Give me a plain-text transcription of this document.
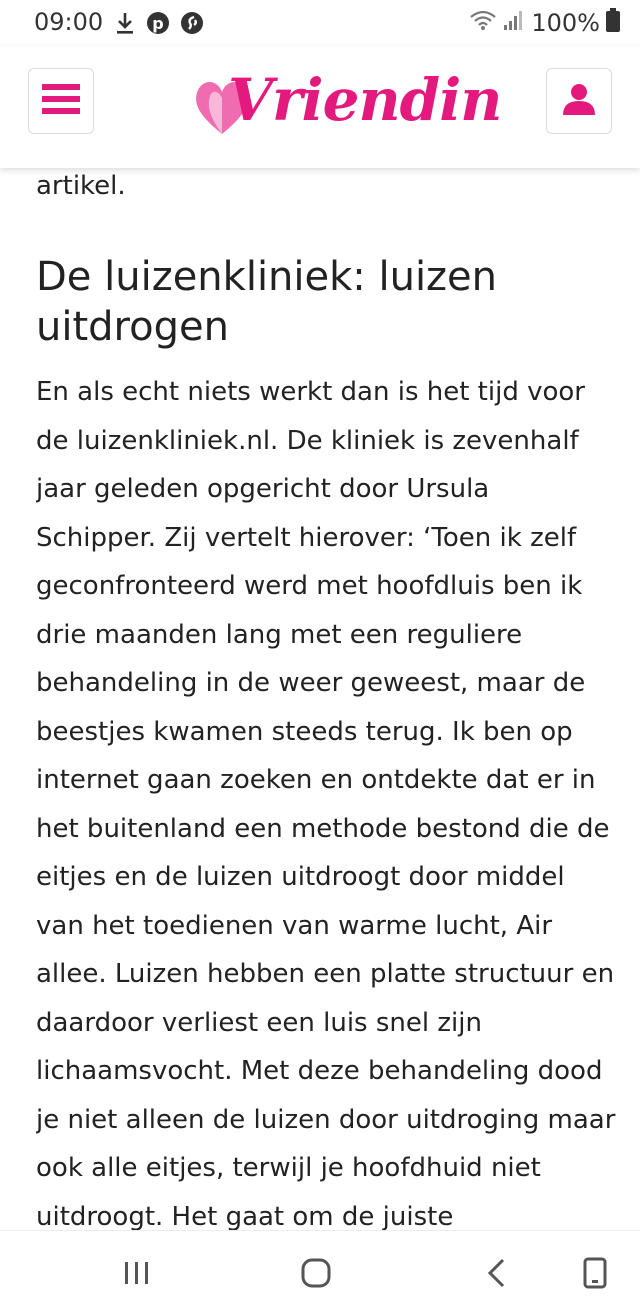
09:00	p	100%
Vriendin

artikel.

De luizenkliniek: luizen uitdrogen

En als echt niets werkt dan is het tijd voor de luizenkliniek.nl. De kliniek is zevenhalf jaar geleden opgericht door Ursula Schipper. Zij vertelt hierover: ‘Toen ik zelf geconfronteerd werd met hoofdluis ben ik drie maanden lang met een reguliere behandeling in de weer geweest, maar de beestjes kwamen steeds terug. Ik ben op internet gaan zoeken en ontdekte dat er in het buitenland een methode bestond die de eitjes en de luizen uitdroogt door middel van het toedienen van warme lucht, Air allee. Luizen hebben een platte structuur en daardoor verliest een luis snel zijn lichaamsvocht. Met deze behandeling dood je niet alleen de luizen door uitdroging maar ook alle eitjes, terwijl je hoofdhuid niet uitdroogt. Het gaat om de juiste
